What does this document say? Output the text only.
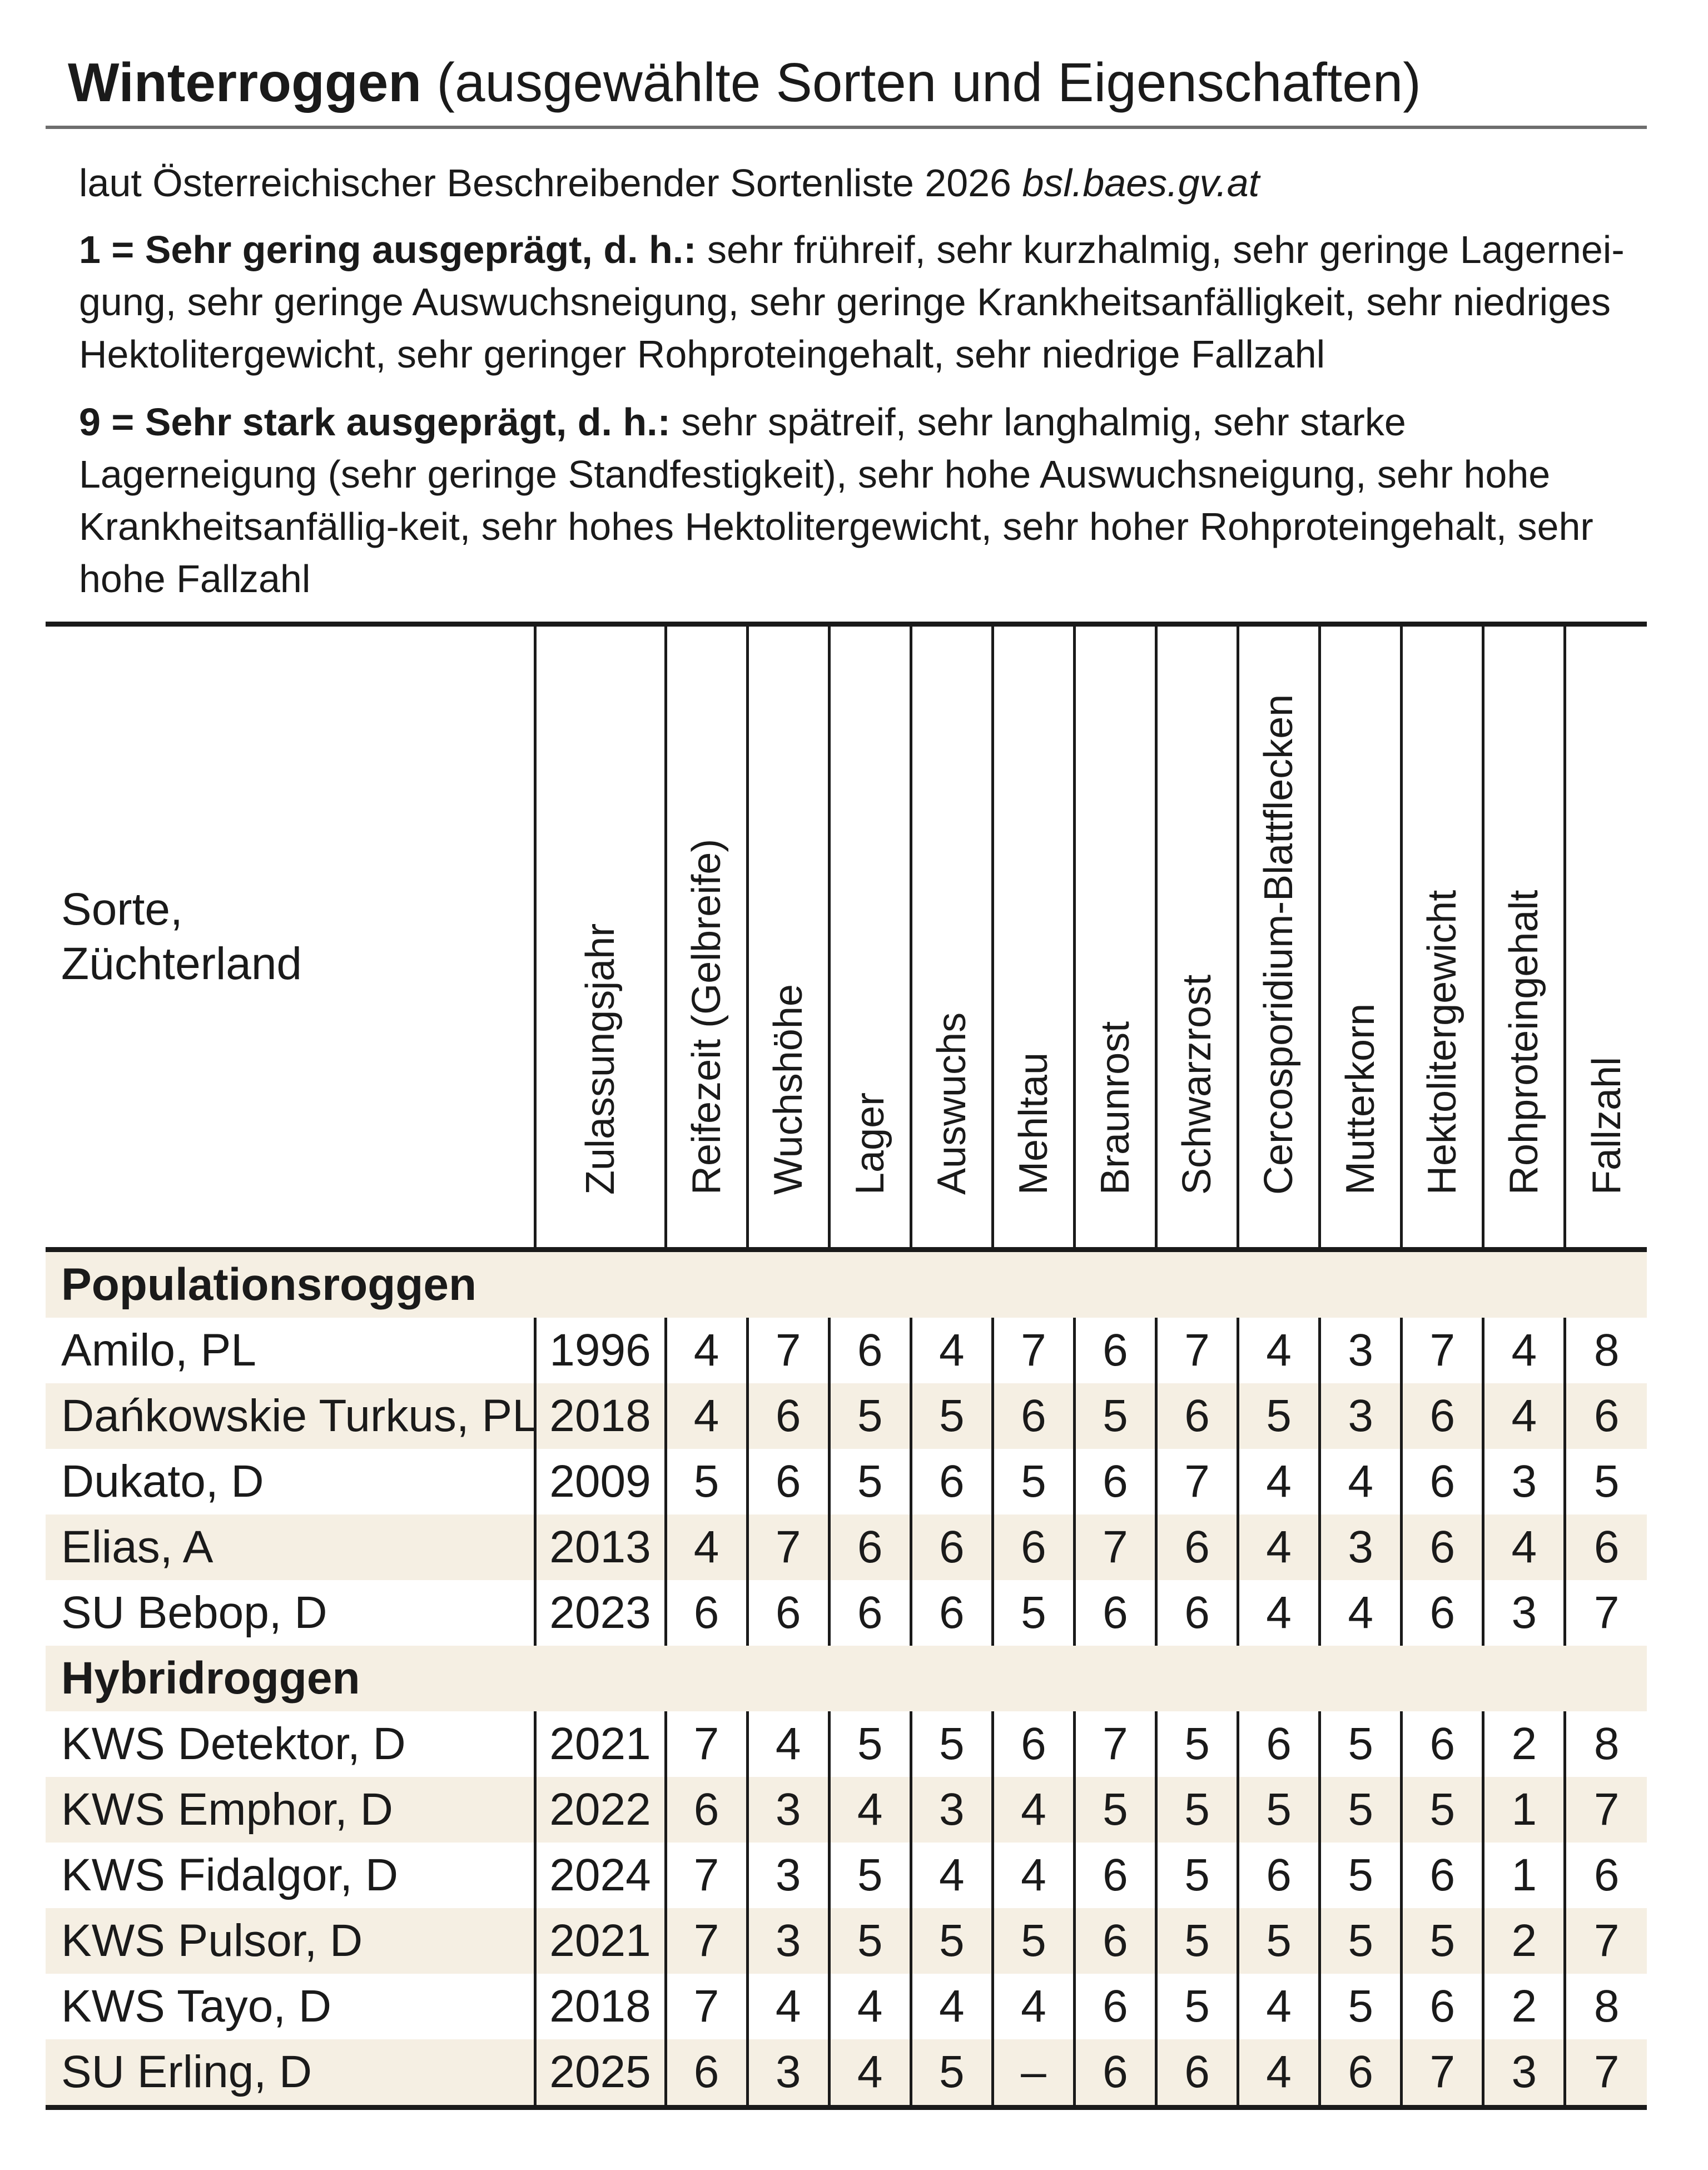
Winterroggen (ausgewählte Sorten und Eigenschaften)
laut Österreichischer Beschreibender Sortenliste 2026 bsl.baes.gv.at
1 = Sehr gering ausgeprägt, d. h.: sehr frühreif, sehr kurzhalmig, sehr geringe Lagernei-gung, sehr geringe Auswuchsneigung, sehr geringe Krankheitsanfälligkeit, sehr niedriges Hektolitergewicht, sehr geringer Rohproteingehalt, sehr niedrige Fallzahl
9 = Sehr stark ausgeprägt, d. h.: sehr spätreif, sehr langhalmig, sehr starke Lagerneigung (sehr geringe Standfestigkeit), sehr hohe Auswuchsneigung, sehr hohe Krankheitsanfällig-keit, sehr hohes Hektolitergewicht, sehr hoher Rohproteingehalt, sehr hohe Fallzahl
Sorte,
Züchterland	Zulassungsjahr	Reifezeit (Gelbreife)	Wuchshöhe	Lager	Auswuchs	Mehltau	Braunrost	Schwarzrost	Cercosporidium-Blattflecken	Mutterkorn	Hektolitergewicht	Rohproteingehalt	Fallzahl

Populationsroggen													
Amilo, PL	1996	4	7	6	4	7	6	7	4	3	7	4	8
Dańkowskie Turkus, PL	2018	4	6	5	5	6	5	6	5	3	6	4	6
Dukato, D	2009	5	6	5	6	5	6	7	4	4	6	3	5
Elias, A	2013	4	7	6	6	6	7	6	4	3	6	4	6
SU Bebop, D	2023	6	6	6	6	5	6	6	4	4	6	3	7
Hybridroggen													
KWS Detektor, D	2021	7	4	5	5	6	7	5	6	5	6	2	8
KWS Emphor, D	2022	6	3	4	3	4	5	5	5	5	5	1	7
KWS Fidalgor, D	2024	7	3	5	4	4	6	5	6	5	6	1	6
KWS Pulsor, D	2021	7	3	5	5	5	6	5	5	5	5	2	7
KWS Tayo, D	2018	7	4	4	4	4	6	5	4	5	6	2	8
SU Erling, D	2025	6	3	4	5	–	6	6	4	6	7	3	7
